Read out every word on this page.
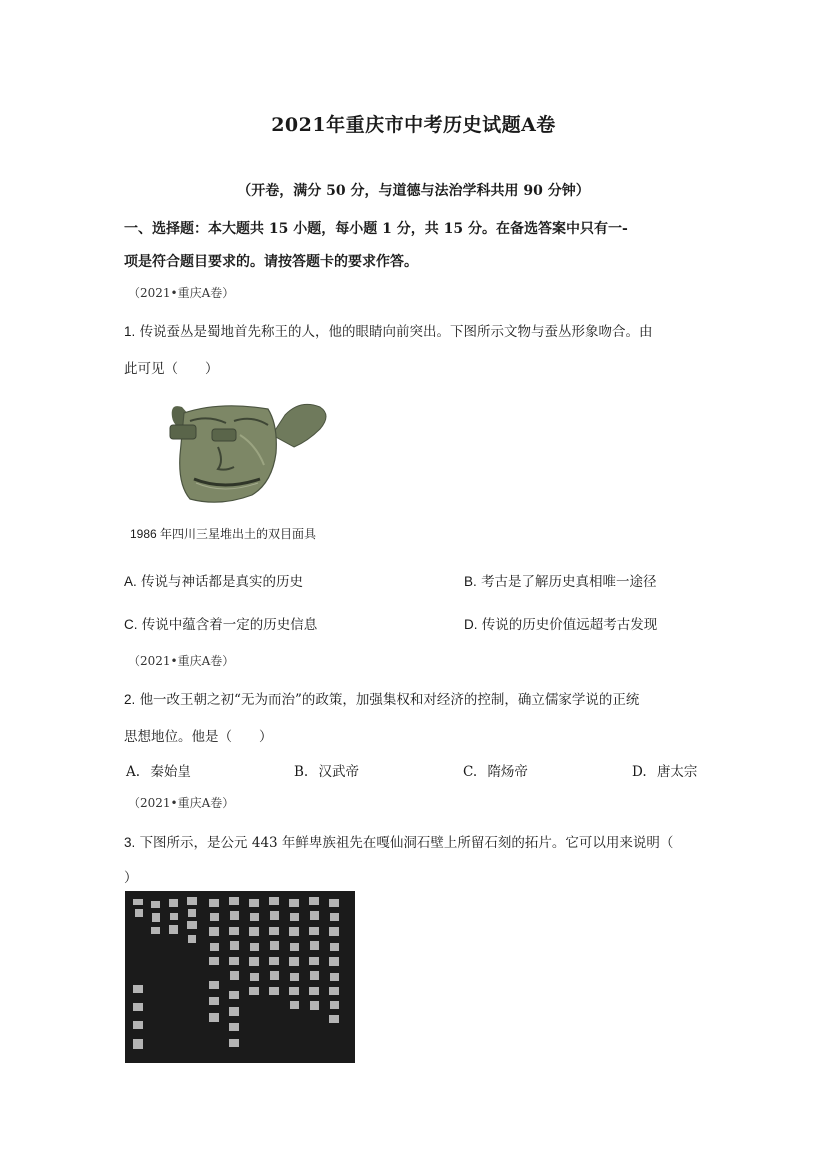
2021年重庆市中考历史试题A卷
（开卷，满分 50 分，与道德与法治学科共用 90 分钟）
一、选择题：本大题共 15 小题，每小题 1 分，共 15 分。在备选答案中只有一-
项是符合题目要求的。请按答题卡的要求作答。
（2021•重庆A卷）
1. 传说蚕丛是蜀地首先称王的人，他的眼睛向前突出。下图所示文物与蚕丛形象吻合。由
此可见（　　）
1986 年四川三星堆出土的双目面具
A. 传说与神话都是真实的历史	B. 考古是了解历史真相唯一途径
C. 传说中蕴含着一定的历史信息	D. 传说的历史价值远超考古发现
（2021•重庆A卷）
2. 他一改王朝之初“无为而治”的政策，加强集权和对经济的控制，确立儒家学说的正统
思想地位。他是（　　）
A. 秦始皇	B. 汉武帝	C. 隋炀帝	D. 唐太宗
（2021•重庆A卷）
3. 下图所示，是公元 443 年鲜卑族祖先在嘎仙洞石壁上所留石刻的拓片。它可以用来说明（
）
